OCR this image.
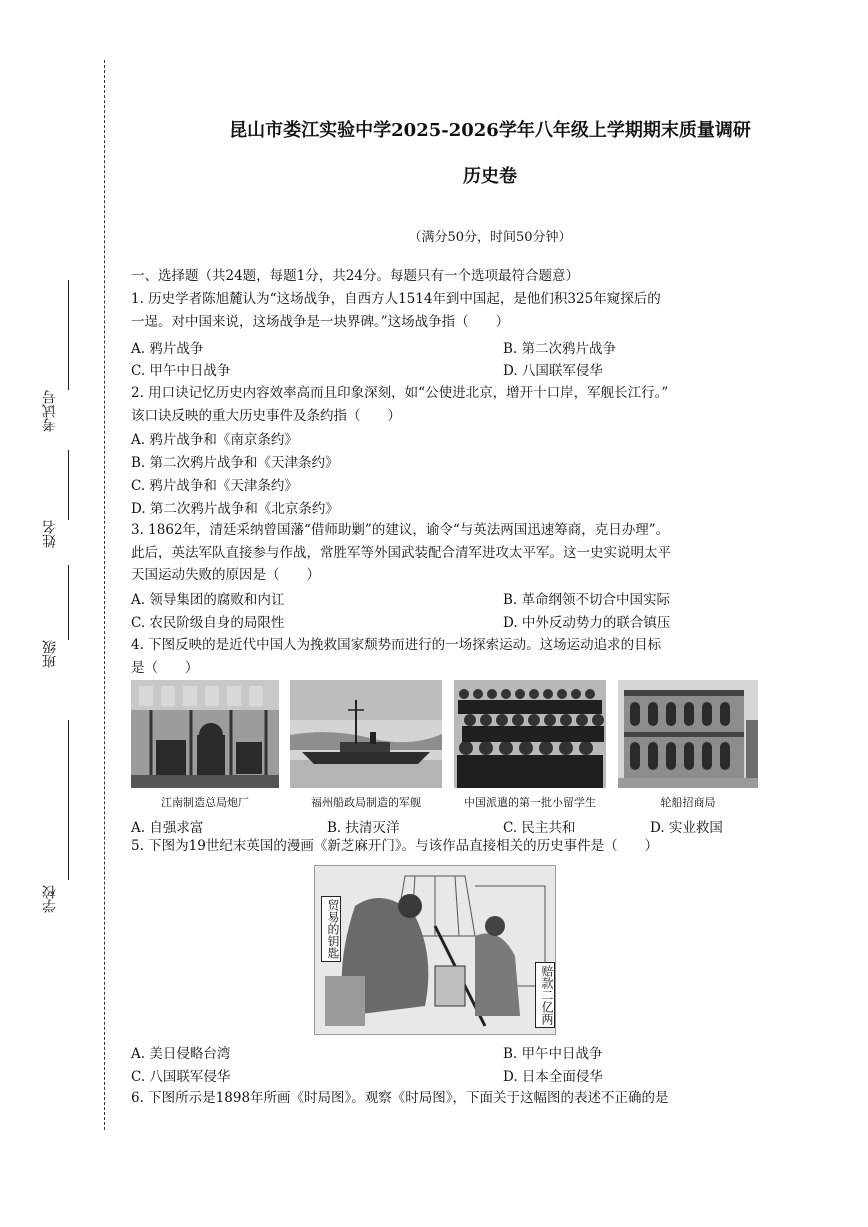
考试号
姓名
班级
学校
昆山市娄江实验中学2025-2026学年八年级上学期期末质量调研
历史卷
（满分50分，时间50分钟）
一、选择题（共24题，每题1分，共24分。每题只有一个选项最符合题意）

1. 历史学者陈旭麓认为“这场战争，自西方人1514年到中国起，是他们积325年窥探后的

一逞。对中国来说，这场战争是一块界碑。”这场战争指（　　）

A. 鸦片战争	B. 第二次鸦片战争
C. 甲午中日战争	D. 八国联军侵华

2. 用口诀记忆历史内容效率高而且印象深刻，如“公使进北京，增开十口岸，军舰长江行。”

该口诀反映的重大历史事件及条约指（　　）

A. 鸦片战争和《南京条约》
B. 第二次鸦片战争和《天津条约》
C. 鸦片战争和《天津条约》
D. 第二次鸦片战争和《北京条约》

3. 1862年，清廷采纳曾国藩“借师助剿”的建议，谕令“与英法两国迅速筹商，克日办理”。

此后，英法军队直接参与作战，常胜军等外国武装配合清军进攻太平军。这一史实说明太平

天国运动失败的原因是（　　）

A. 领导集团的腐败和内讧	B. 革命纲领不切合中国实际
C. 农民阶级自身的局限性	D. 中外反动势力的联合镇压

4. 下图反映的是近代中国人为挽救国家颓势而进行的一场探索运动。这场运动追求的目标

是（　　）

江南制造总局炮厂	福州船政局制造的军舰	中国派遣的第一批小留学生	轮船招商局
A. 自强求富	B. 扶清灭洋	C. 民主共和	D. 实业救国

5. 下图为19世纪末英国的漫画《新芝麻开门》。与该作品直接相关的历史事件是（　　）

贸易的钥匙
赔款二亿两
A. 美日侵略台湾	B. 甲午中日战争
C. 八国联军侵华	D. 日本全面侵华

6. 下图所示是1898年所画《时局图》。观察《时局图》，下面关于这幅图的表述不正确的是
